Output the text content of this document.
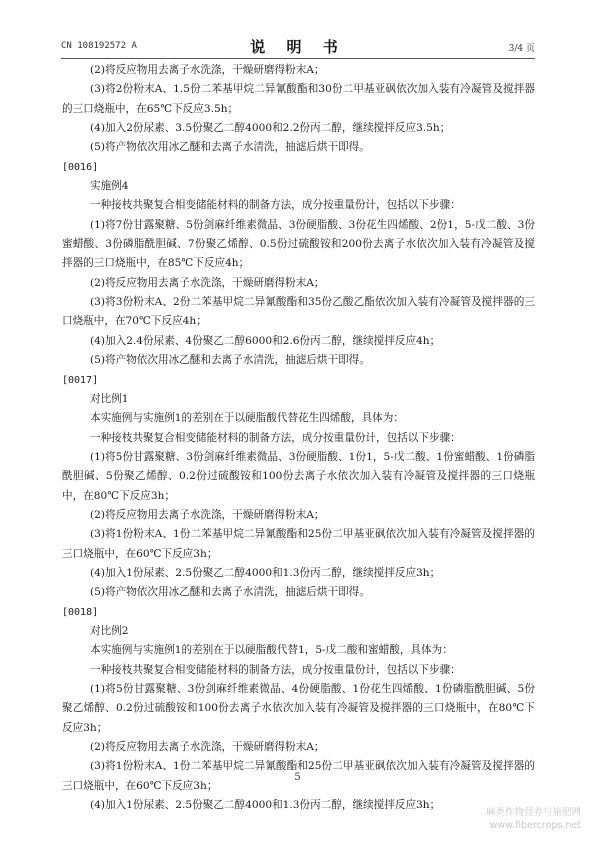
CN 108192572 A	说 明 书	3/4 页

(2)将反应物用去离子水洗涤，干燥研磨得粉末A；

(3)将2份粉末A、1.5份二苯基甲烷二异氰酸酯和30份二甲基亚砜依次加入装有冷凝管及搅拌器的三口烧瓶中，在65℃下反应3.5h；

(4)加入2份尿素、3.5份聚乙二醇4000和2.2份丙二醇，继续搅拌反应3.5h；

(5)将产物依次用冰乙醚和去离子水清洗，抽滤后烘干即得。

[0016]

实施例4

一种接枝共聚复合相变储能材料的制备方法，成分按重量份计，包括以下步骤：

(1)将7份甘露聚糖、5份剑麻纤维素微晶、3份硬脂酸、3份花生四烯酸、2份1，5-戊二酸、3份蜜蜡酸、3份磷脂酰胆碱、7份聚乙烯醇、0.5份过硫酸铵和200份去离子水依次加入装有冷凝管及搅拌器的三口烧瓶中，在85℃下反应4h；

(2)将反应物用去离子水洗涤，干燥研磨得粉末A；

(3)将3份粉末A、2份二苯基甲烷二异氰酸酯和35份乙酸乙酯依次加入装有冷凝管及搅拌器的三口烧瓶中，在70℃下反应4h；

(4)加入2.4份尿素、4份聚乙二醇6000和2.6份丙二醇，继续搅拌反应4h；

(5)将产物依次用冰乙醚和去离子水清洗，抽滤后烘干即得。

[0017]

对比例1

本实施例与实施例1的差别在于以硬脂酸代替花生四烯酸，具体为：

一种接枝共聚复合相变储能材料的制备方法，成分按重量份计，包括以下步骤：

(1)将5份甘露聚糖、3份剑麻纤维素微晶、3份硬脂酸、1份1，5-戊二酸、1份蜜蜡酸、1份磷脂酰胆碱、5份聚乙烯醇、0.2份过硫酸铵和100份去离子水依次加入装有冷凝管及搅拌器的三口烧瓶中，在80℃下反应3h；

(2)将反应物用去离子水洗涤，干燥研磨得粉末A；

(3)将1份粉末A、1份二苯基甲烷二异氰酸酯和25份二甲基亚砜依次加入装有冷凝管及搅拌器的三口烧瓶中，在60℃下反应3h；

(4)加入1份尿素、2.5份聚乙二醇4000和1.3份丙二醇，继续搅拌反应3h；

(5)将产物依次用冰乙醚和去离子水清洗，抽滤后烘干即得。

[0018]

对比例2

本实施例与实施例1的差别在于以硬脂酸代替1，5-戊二酸和蜜蜡酸，具体为：

一种接枝共聚复合相变储能材料的制备方法，成分按重量份计，包括以下步骤：

(1)将5份甘露聚糖、3份剑麻纤维素微晶、4份硬脂酸、1份花生四烯酸、1份磷脂酰胆碱、5份聚乙烯醇、0.2份过硫酸铵和100份去离子水依次加入装有冷凝管及搅拌器的三口烧瓶中，在80℃下反应3h；

(2)将反应物用去离子水洗涤，干燥研磨得粉末A；

(3)将1份粉末A、1份二苯基甲烷二异氰酸酯和25份二甲基亚砜依次加入装有冷凝管及搅拌器的三口烧瓶中，在60℃下反应3h；

(4)加入1份尿素、2.5份聚乙二醇4000和1.3份丙二醇，继续搅拌反应3h；

5
麻类作物营养与施肥网
www.fibercrops.net
